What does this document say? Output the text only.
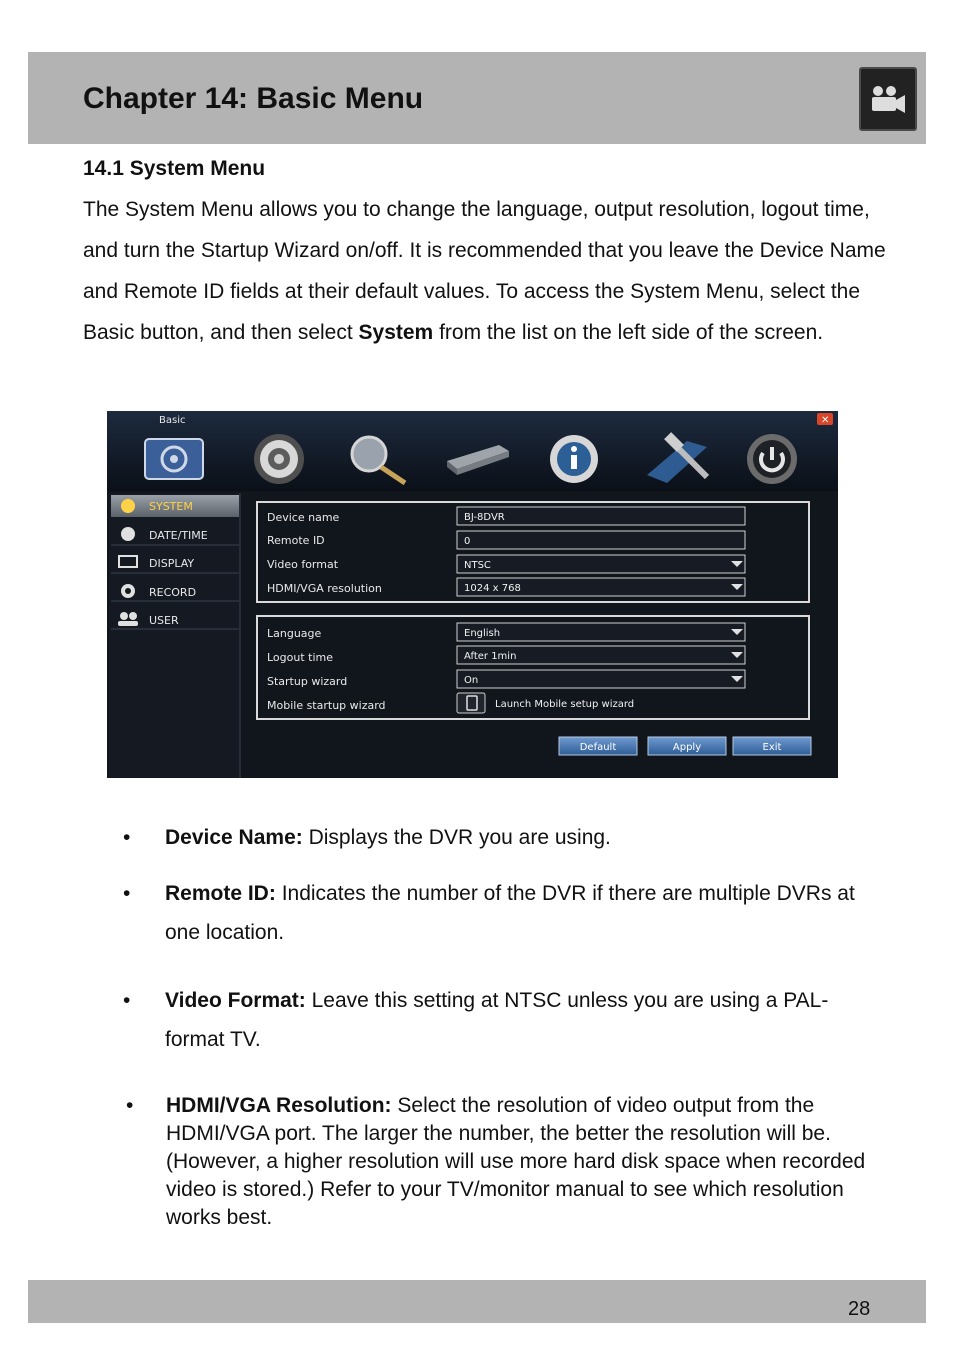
Chapter 14: Basic Menu
14.1 System Menu

The System Menu allows you to change the language, output resolution, logout time, and turn the Startup Wizard on/off. It is recommended that you leave the Device Name and Remote ID fields at their default values. To access the System Menu, select the Basic button, and then select System from the list on the left side of the screen.

Basic	✕
SYSTEM
DATE/TIME
DISPLAY
RECORD
USER
Device name	BJ-8DVR
Remote ID	0
Video format	NTSC
HDMI/VGA resolution	1024 x 768
Language	English
Logout time	After 1min
Startup wizard	On
Mobile startup wizard	Launch Mobile setup wizard
Default	Apply	Exit

• Device Name: Displays the DVR you are using.

• Remote ID: Indicates the number of the DVR if there are multiple DVRs at one location.

• Video Format: Leave this setting at NTSC unless you are using a PAL-format TV.

• HDMI/VGA Resolution: Select the resolution of video output from the HDMI/VGA port. The larger the number, the better the resolution will be. (However, a higher resolution will use more hard disk space when recorded video is stored.) Refer to your TV/monitor manual to see which resolution works best.

28
